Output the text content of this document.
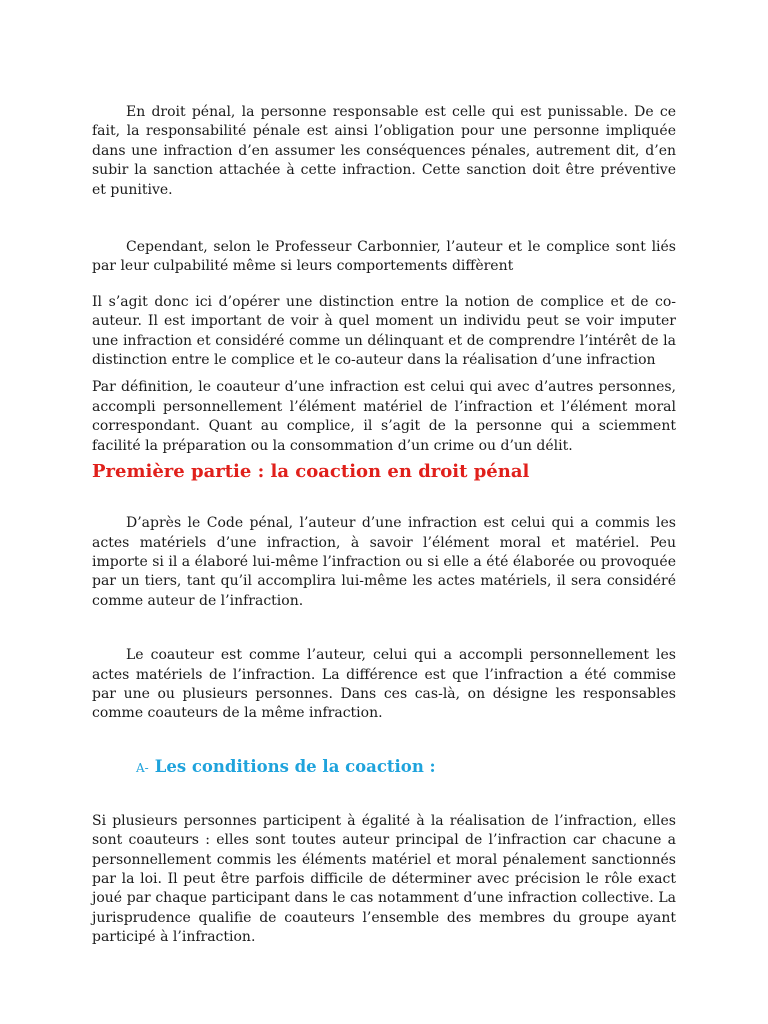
En droit pénal, la personne responsable est celle qui est punissable. De ce fait, la responsabilité pénale est ainsi l’obligation pour une personne impliquée dans une infraction d’en assumer les conséquences pénales, autrement dit, d’en subir la sanction attachée à cette infraction. Cette sanction doit être préventive et punitive.

Cependant, selon le Professeur Carbonnier, l’auteur et le complice sont liés par leur culpabilité même si leurs comportements diffèrent

Il s’agit donc ici d’opérer une distinction entre la notion de complice et de co-auteur. Il est important de voir à quel moment un individu peut se voir imputer une infraction et considéré comme un délinquant et de comprendre l’intérêt de la distinction entre le complice et le co-auteur dans la réalisation d’une infraction

Par définition, le coauteur d’une infraction est celui qui avec d’autres personnes, accompli personnellement l’élément matériel de l’infraction et l’élément moral correspondant. Quant au complice, il s’agit de la personne qui a sciemment facilité la préparation ou la consommation d’un crime ou d’un délit.

Première partie : la coaction en droit pénal

D’après le Code pénal, l’auteur d’une infraction est celui qui a commis les actes matériels d’une infraction, à savoir l’élément moral et matériel. Peu importe si il a élaboré lui-même l’infraction ou si elle a été élaborée ou provoquée par un tiers, tant qu’il accomplira lui-même les actes matériels, il sera considéré comme auteur de l’infraction.

Le coauteur est comme l’auteur, celui qui a accompli personnellement les actes matériels de l’infraction. La différence est que l’infraction a été commise par une ou plusieurs personnes. Dans ces cas-là, on désigne les responsables comme coauteurs de la même infraction.

A- Les conditions de la coaction :

Si plusieurs personnes participent à égalité à la réalisation de l’infraction, elles sont coauteurs : elles sont toutes auteur principal de l’infraction car chacune a personnellement commis les éléments matériel et moral pénalement sanctionnés par la loi. Il peut être parfois difficile de déterminer avec précision le rôle exact joué par chaque participant dans le cas notamment d’une infraction collective. La jurisprudence qualifie de coauteurs l’ensemble des membres du groupe ayant participé à l’infraction.
